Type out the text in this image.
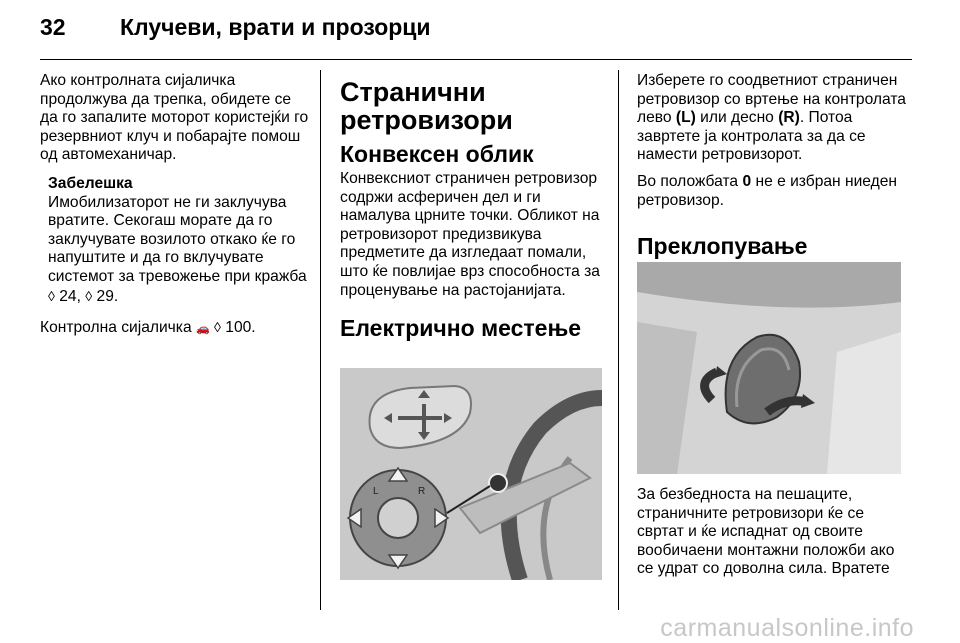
32 Клучеви, врати и прозорци

Ако контролната сијаличка продолжува да трепка, обидете се да го запалите моторот користејќи го резервниот клуч и побарајте помош од автомеханичар.

Забелешка

Имобилизаторот не ги заклучува вратите. Секогаш морате да го заклучувате возилото откако ќе го напуштите и да го вклучувате системот за тревожење при кражба ◊ 24, ◊ 29.

Контролна сијаличка 🚗 ◊ 100.

Странични ретровизори
Конвексен облик

Конвексниот страничен ретровизор содржи асферичен дел и ги намалува црните точки. Обликот на ретровизорот предизвикува предметите да изгледаат помали, што ќе повлијае врз способноста за проценување на растојанијата.

Електрично местење
L	R

Изберете го соодветниот страничен ретровизор со вртење на контролата лево (L) или десно (R). Потоа завртете ја контролата за да се намести ретровизорот.

Во положбата 0 не е избран ниеден ретровизор.

Преклопување

За безбедноста на пешаците, страничните ретровизори ќе се свртат и ќе испаднат од своите вообичаени монтажни положби ако се удрат со доволна сила. Вратете

carmanualsonline.info
